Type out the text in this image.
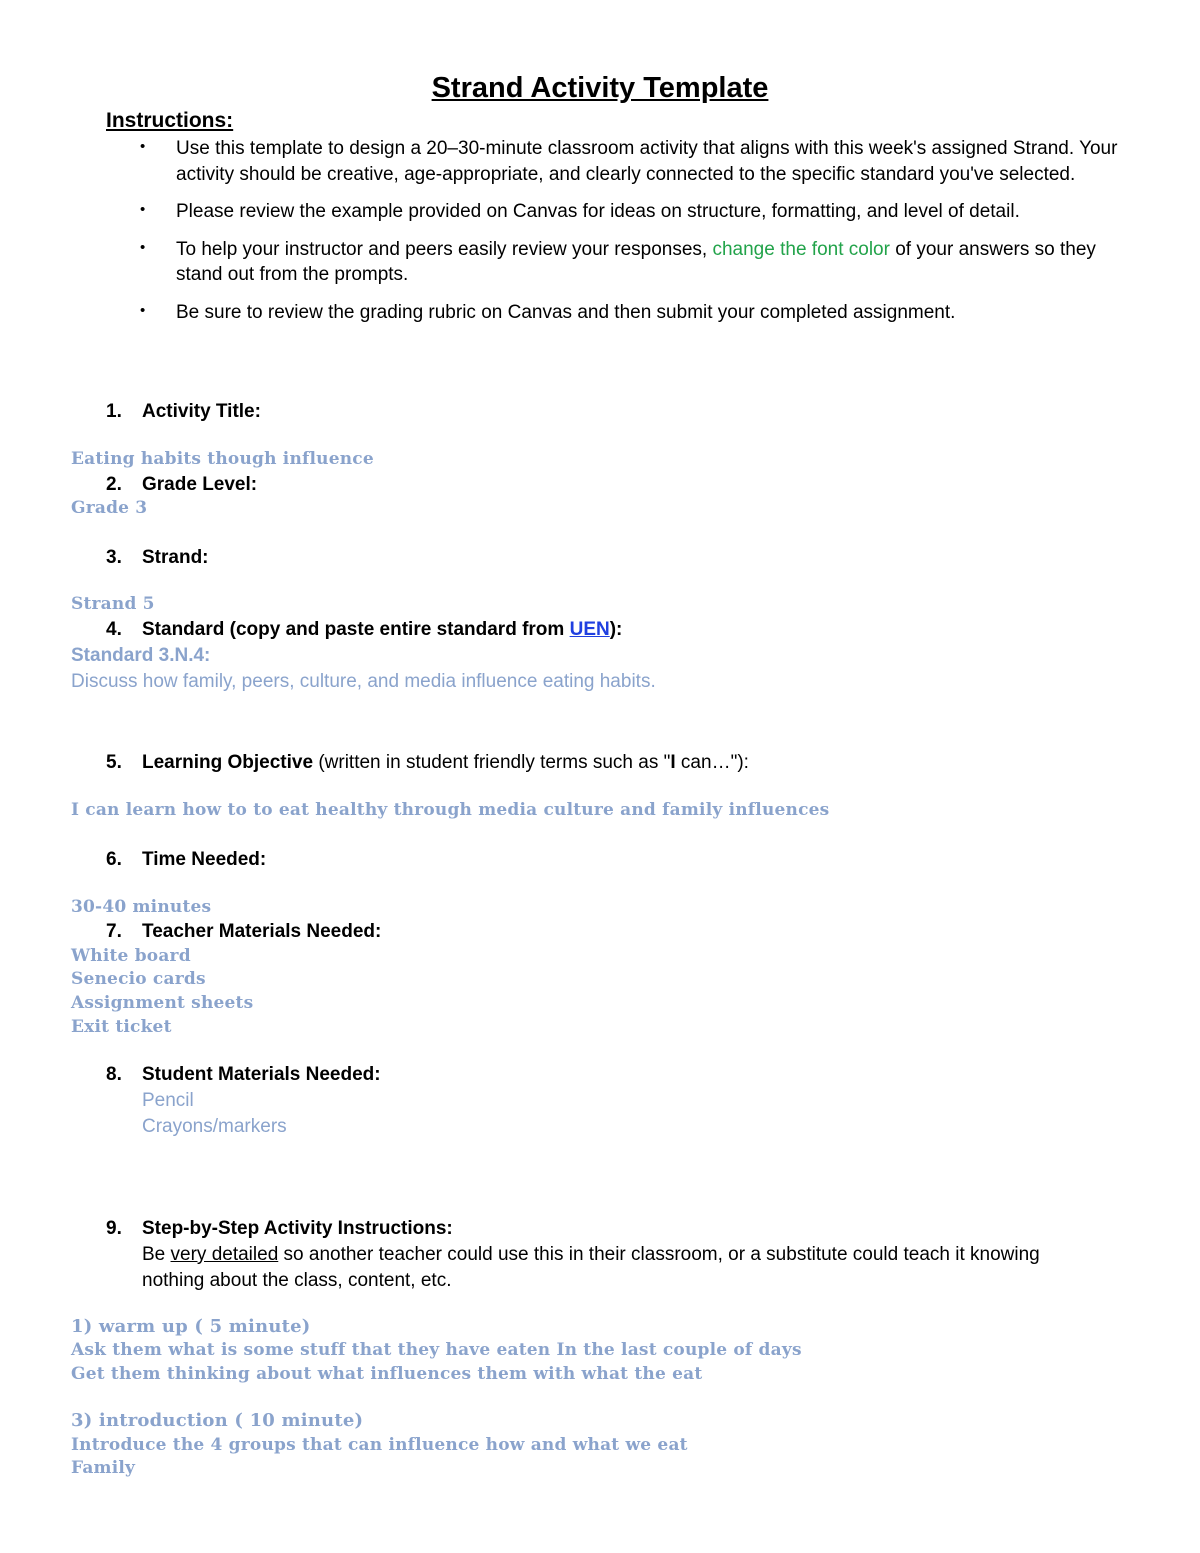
Strand Activity Template
Instructions:
• Use this template to design a 20–30-minute classroom activity that aligns with this week's assigned Strand. Your activity should be creative, age-appropriate, and clearly connected to the specific standard you've selected.
• Please review the example provided on Canvas for ideas on structure, formatting, and level of detail.
• To help your instructor and peers easily review your responses, change the font color of your answers so they stand out from the prompts.
• Be sure to review the grading rubric on Canvas and then submit your completed assignment.
1. Activity Title:
Eating habits though influence
2. Grade Level:
Grade 3
3. Strand:
Strand 5
4. Standard (copy and paste entire standard from UEN):
Standard 3.N.4:
Discuss how family, peers, culture, and media influence eating habits.
5. Learning Objective (written in student friendly terms such as "I can…"):
I can learn how to to eat healthy through media culture and family influences
6. Time Needed:
30-40 minutes
7. Teacher Materials Needed:
White board
Senecio cards
Assignment sheets
Exit ticket
8. Student Materials Needed:
Pencil
Crayons/markers
9. Step-by-Step Activity Instructions:
Be very detailed so another teacher could use this in their classroom, or a substitute could teach it knowing nothing about the class, content, etc.
1) warm up ( 5 minute)
Ask them what is some stuff that they have eaten In the last couple of days
Get them thinking about what influences them with what the eat
3) introduction ( 10 minute)
Introduce the 4 groups that can influence how and what we eat
Family
